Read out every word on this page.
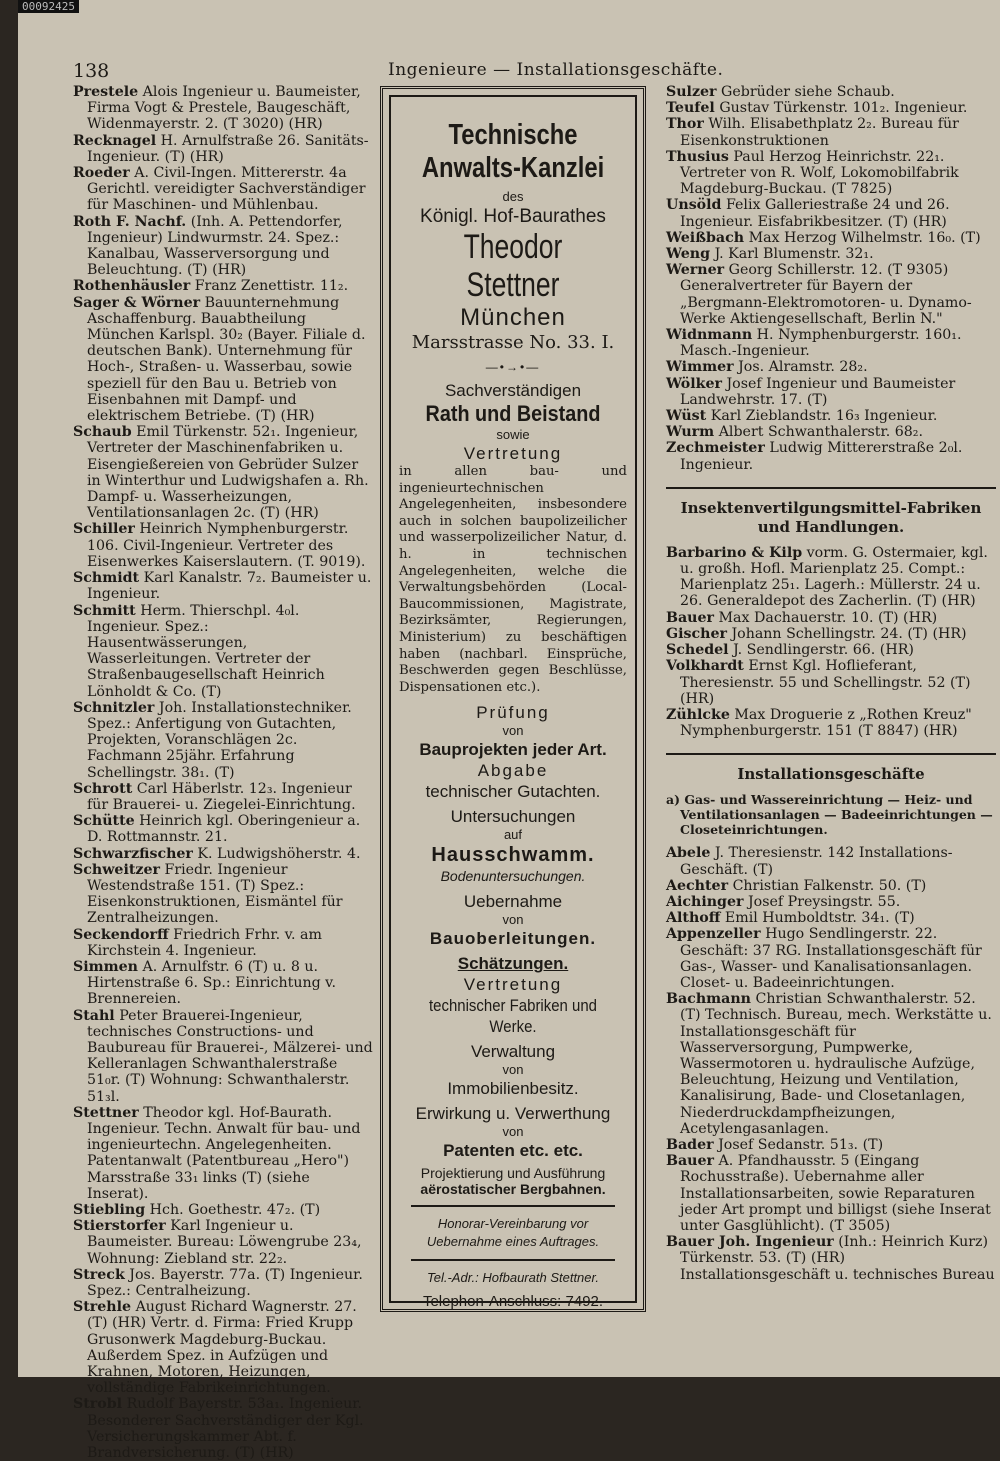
00092425
138	Ingenieure — Installationsgeschäfte.
Prestele Alois Ingenieur u. Baumeister, Firma Vogt & Prestele, Baugeschäft, Widenmayerstr. 2. (T 3020) (HR)
Recknagel H. Arnulfstraße 26. Sanitäts-Ingenieur. (T) (HR)
Roeder A. Civil-Ingen. Mittererstr. 4a Gerichtl. vereidigter Sachverständiger für Maschinen- und Mühlenbau.
Roth F. Nachf. (Inh. A. Pettendorfer, Ingenieur) Lindwurmstr. 24. Spez.: Kanalbau, Wasserversorgung und Beleuchtung. (T) (HR)
Rothenhäusler Franz Zenettistr. 11₂.
Sager & Wörner Bauunternehmung Aschaffenburg. Bauabtheilung München Karlspl. 30₂ (Bayer. Filiale d. deutschen Bank). Unternehmung für Hoch-, Straßen- u. Wasserbau, sowie speziell für den Bau u. Betrieb von Eisenbahnen mit Dampf- und elektrischem Betriebe. (T) (HR)
Schaub Emil Türkenstr. 52₁. Ingenieur, Vertreter der Maschinenfabriken u. Eisengießereien von Gebrüder Sulzer in Winterthur und Ludwigshafen a. Rh. Dampf- u. Wasserheizungen, Ventilationsanlagen 2c. (T) (HR)
Schiller Heinrich Nymphenburgerstr. 106. Civil-Ingenieur. Vertreter des Eisenwerkes Kaiserslautern. (T. 9019).
Schmidt Karl Kanalstr. 7₂. Baumeister u. Ingenieur.
Schmitt Herm. Thierschpl. 4₀l. Ingenieur. Spez.: Hausentwässerungen, Wasserleitungen. Vertreter der Straßenbaugesellschaft Heinrich Lönholdt & Co. (T)
Schnitzler Joh. Installationstechniker. Spez.: Anfertigung von Gutachten, Projekten, Voranschlägen 2c. Fachmann 25jähr. Erfahrung Schellingstr. 38₁. (T)
Schrott Carl Häberlstr. 12₃. Ingenieur für Brauerei- u. Ziegelei-Einrichtung.
Schütte Heinrich kgl. Oberingenieur a. D. Rottmannstr. 21.
Schwarzfischer K. Ludwigshöherstr. 4.
Schweitzer Friedr. Ingenieur Westendstraße 151. (T) Spez.: Eisenkonstruktionen, Eismäntel für Zentralheizungen.
Seckendorff Friedrich Frhr. v. am Kirchstein 4. Ingenieur.
Simmen A. Arnulfstr. 6 (T) u. 8 u. Hirtenstraße 6. Sp.: Einrichtung v. Brennereien.
Stahl Peter Brauerei-Ingenieur, technisches Constructions- und Baubureau für Brauerei-, Mälzerei- und Kelleranlagen Schwanthalerstraße 51₀r. (T) Wohnung: Schwanthalerstr. 51₃l.
Stettner Theodor kgl. Hof-Baurath. Ingenieur. Techn. Anwalt für bau- und ingenieurtechn. Angelegenheiten. Patentanwalt (Patentbureau „Hero") Marsstraße 33₁ links (T) (siehe Inserat).
Stiebling Hch. Goethestr. 47₂. (T)
Stierstorfer Karl Ingenieur u. Baumeister. Bureau: Löwengrube 23₄, Wohnung: Ziebland str. 22₂.
Streck Jos. Bayerstr. 77a. (T) Ingenieur. Spez.: Centralheizung.
Strehle August Richard Wagnerstr. 27. (T) (HR) Vertr. d. Firma: Fried Krupp Grusonwerk Magdeburg-Buckau. Außerdem Spez. in Aufzügen und Krahnen, Motoren, Heizungen, vollständige Fabrikeinrichtungen.
Strobl Rudolf Bayerstr. 53a₁. Ingenieur. Besonderer Sachverständiger der Kgl. Versicherungskammer Abt. f. Brandversicherung. (T) (HR)

Technische Anwalts-Kanzlei

des

Königl. Hof-Baurathes

Theodor Stettner

München

Marsstrasse No. 33. I.

—•→•—

Sachverständigen

Rath und Beistand

sowie

Vertretung

in allen bau- und ingenieurtechnischen Angelegenheiten, insbesondere auch in solchen baupolizeilicher und wasserpolizeilicher Natur, d. h. in technischen Angelegenheiten, welche die Verwaltungsbehörden (Local-Baucommissionen, Magistrate, Bezirksämter, Regierungen, Ministerium) zu beschäftigen haben (nachbarl. Einsprüche, Beschwerden gegen Beschlüsse, Dispensationen etc.).

Prüfung

von

Bauprojekten jeder Art.

Abgabe

technischer Gutachten.

Untersuchungen

auf

Hausschwamm.

Bodenuntersuchungen.

Uebernahme

von

Bauoberleitungen.

Schätzungen.

Vertretung

technischer Fabriken und Werke.

Verwaltung

von

Immobilienbesitz.

Erwirkung u. Verwerthung

von

Patenten etc. etc.

Projektierung und Ausführung

aërostatischer Bergbahnen.

Honorar-Vereinbarung vor Uebernahme eines Auftrages.

Tel.-Adr.: Hofbaurath Stettner.

Telephon-Anschluss: 7492.

Sulzer Gebrüder siehe Schaub.
Teufel Gustav Türkenstr. 101₂. Ingenieur.
Thor Wilh. Elisabethplatz 2₂. Bureau für Eisenkonstruktionen
Thusius Paul Herzog Heinrichstr. 22₁. Vertreter von R. Wolf, Lokomobilfabrik Magdeburg-Buckau. (T 7825)
Unsöld Felix Galleriestraße 24 und 26. Ingenieur. Eisfabrikbesitzer. (T) (HR)
Weißbach Max Herzog Wilhelmstr. 16₀. (T)
Weng J. Karl Blumenstr. 32₁.
Werner Georg Schillerstr. 12. (T 9305) Generalvertreter für Bayern der „Bergmann-Elektromotoren- u. Dynamo-Werke Aktiengesellschaft, Berlin N."
Widnmann H. Nymphenburgerstr. 160₁. Masch.-Ingenieur.
Wimmer Jos. Alramstr. 28₂.
Wölker Josef Ingenieur und Baumeister Landwehrstr. 17. (T)
Wüst Karl Zieblandstr. 16₃ Ingenieur.
Wurm Albert Schwanthalerstr. 68₂.
Zechmeister Ludwig Mittererstraße 2₀l. Ingenieur.
Insektenvertilgungsmittel-Fabriken und Handlungen.
Barbarino & Kilp vorm. G. Ostermaier, kgl. u. großh. Hofl. Marienplatz 25. Compt.: Marienplatz 25₁. Lagerh.: Müllerstr. 24 u. 26. Generaldepot des Zacherlin. (T) (HR)
Bauer Max Dachauerstr. 10. (T) (HR)
Gischer Johann Schellingstr. 24. (T) (HR)
Schedel J. Sendlingerstr. 66. (HR)
Volkhardt Ernst Kgl. Hoflieferant, Theresienstr. 55 und Schellingstr. 52 (T) (HR)
Zühlcke Max Droguerie z „Rothen Kreuz" Nymphenburgerstr. 151 (T 8847) (HR)
Installationsgeschäfte
a) Gas- und Wassereinrichtung — Heiz- und Ventilationsanlagen — Badeeinrichtungen — Closeteinrichtungen.
Abele J. Theresienstr. 142 Installations-Geschäft. (T)
Aechter Christian Falkenstr. 50. (T)
Aichinger Josef Preysingstr. 55.
Althoff Emil Humboldtstr. 34₁. (T)
Appenzeller Hugo Sendlingerstr. 22. Geschäft: 37 RG. Installationsgeschäft für Gas-, Wasser- und Kanalisationsanlagen. Closet- u. Badeeinrichtungen.
Bachmann Christian Schwanthalerstr. 52. (T) Technisch. Bureau, mech. Werkstätte u. Installationsgeschäft für Wasserversorgung, Pumpwerke, Wassermotoren u. hydraulische Aufzüge, Beleuchtung, Heizung und Ventilation, Kanalisirung, Bade- und Closetanlagen, Niederdruckdampfheizungen, Acetylengasanlagen.
Bader Josef Sedanstr. 51₃. (T)
Bauer A. Pfandhausstr. 5 (Eingang Rochusstraße). Uebernahme aller Installationsarbeiten, sowie Reparaturen jeder Art prompt und billigst (siehe Inserat unter Gasglühlicht). (T 3505)
Bauer Joh. Ingenieur (Inh.: Heinrich Kurz) Türkenstr. 53. (T) (HR) Installationsgeschäft u. technisches Bureau
